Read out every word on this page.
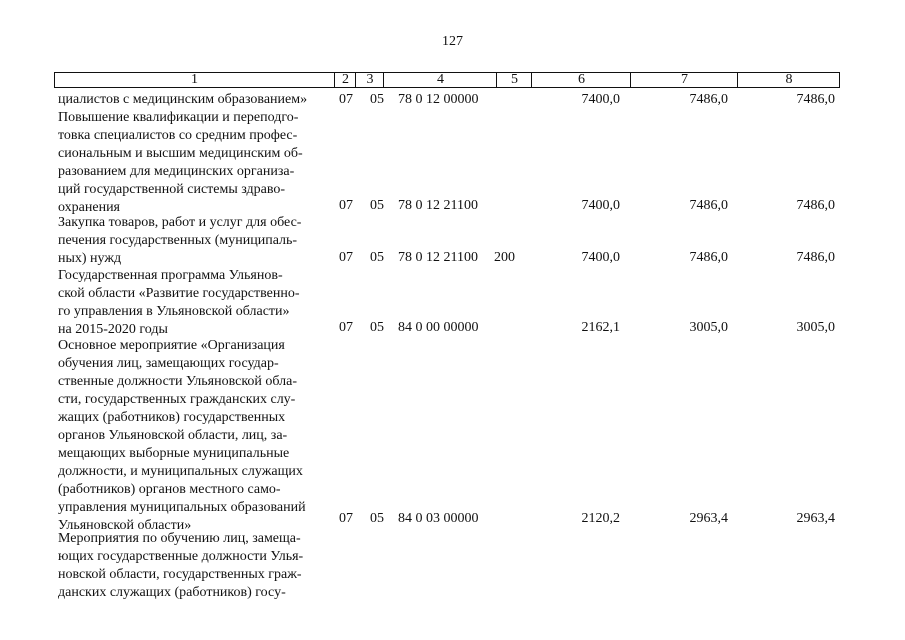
127
1	2	3	4	5	6	7	8
циалистов с медицинским образованием»	07 05 78 0 12 00000	7400,0	7486,0	7486,0
Повышение квалификации и переподго-
товка специалистов со средним профес-
сиональным и высшим медицинским об-
разованием для медицинских организа-
ций государственной системы здраво-
охранения	07 05 78 0 12 21100	7400,0	7486,0	7486,0
Закупка товаров, работ и услуг для обес-
печения государственных (муниципаль-
ных) нужд	07 05 78 0 12 21100 200	7400,0	7486,0	7486,0
Государственная программа Ульянов-
ской области «Развитие государственно-
го управления в Ульяновской области»
на 2015-2020 годы	07 05 84 0 00 00000	2162,1	3005,0	3005,0
Основное мероприятие «Организация
обучения лиц, замещающих государ-
ственные должности Ульяновской обла-
сти, государственных гражданских слу-
жащих (работников) государственных
органов Ульяновской области, лиц, за-
мещающих выборные муниципальные
должности, и муниципальных служащих
(работников) органов местного само-
управления муниципальных образований
Ульяновской области»	07 05 84 0 03 00000	2120,2	2963,4	2963,4
Мероприятия по обучению лиц, замеща-
ющих государственные должности Улья-
новской области, государственных граж-
данских служащих (работников) госу-
